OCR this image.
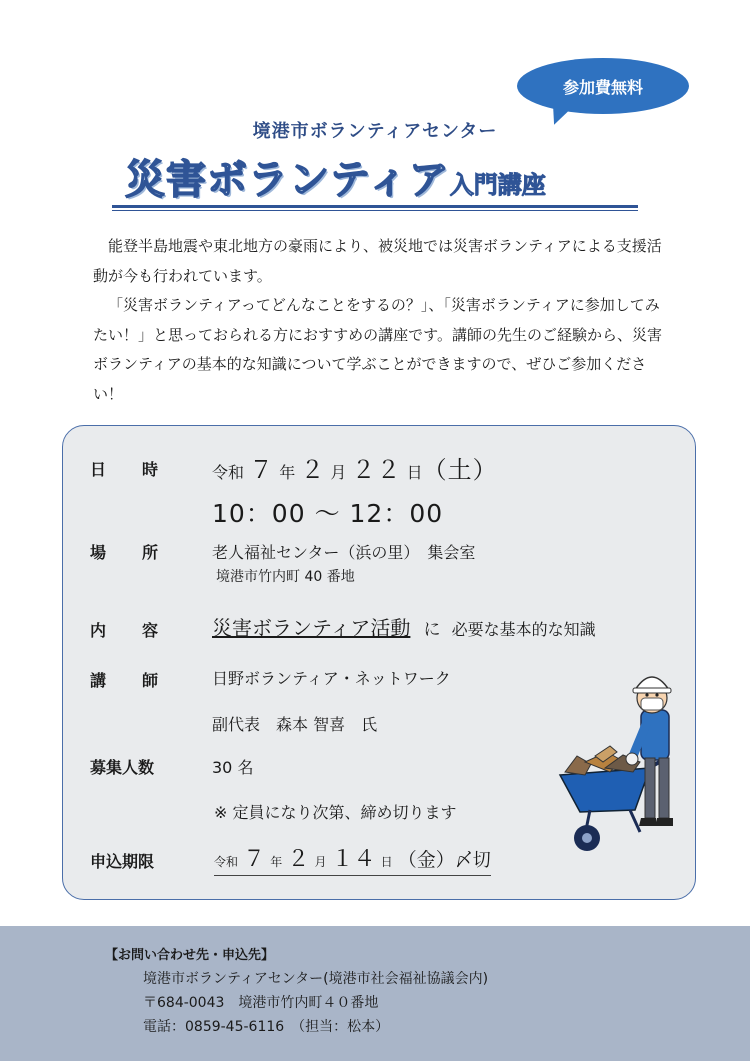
参加費無料
境港市ボランティアセンター
災害ボランティア入門講座

能登半島地震や東北地方の豪雨により、被災地では災害ボランティアによる支援活動が今も行われています。

「災害ボランティアってどんなことをするの？」、「災害ボランティアに参加してみたい！」と思っておられる方におすすめの講座です。講師の先生のご経験から、災害ボランティアの基本的な知識について学ぶことができますので、ぜひご参加ください！

日 時	令和 ７ 年 ２ 月 ２２ 日（土）
10：00 ～ 12：00
場 所	老人福祉センター（浜の里）　集会室
境港市竹内町 40 番地
内 容	災害ボランティア活動 に 必要な基本的な知識
講 師	日野ボランティア・ネットワーク
副代表　森本 智喜　氏
募集人数	30 名
※ 定員になり次第、締め切ります
申込期限	令和 ７ 年 ２ 月 １４ 日 （金）〆切
【お問い合わせ先・申込先】
境港市ボランティアセンター(境港市社会福祉協議会内)
〒684-0043　境港市竹内町４０番地
電話：0859-45-6116　（担当：松本）
